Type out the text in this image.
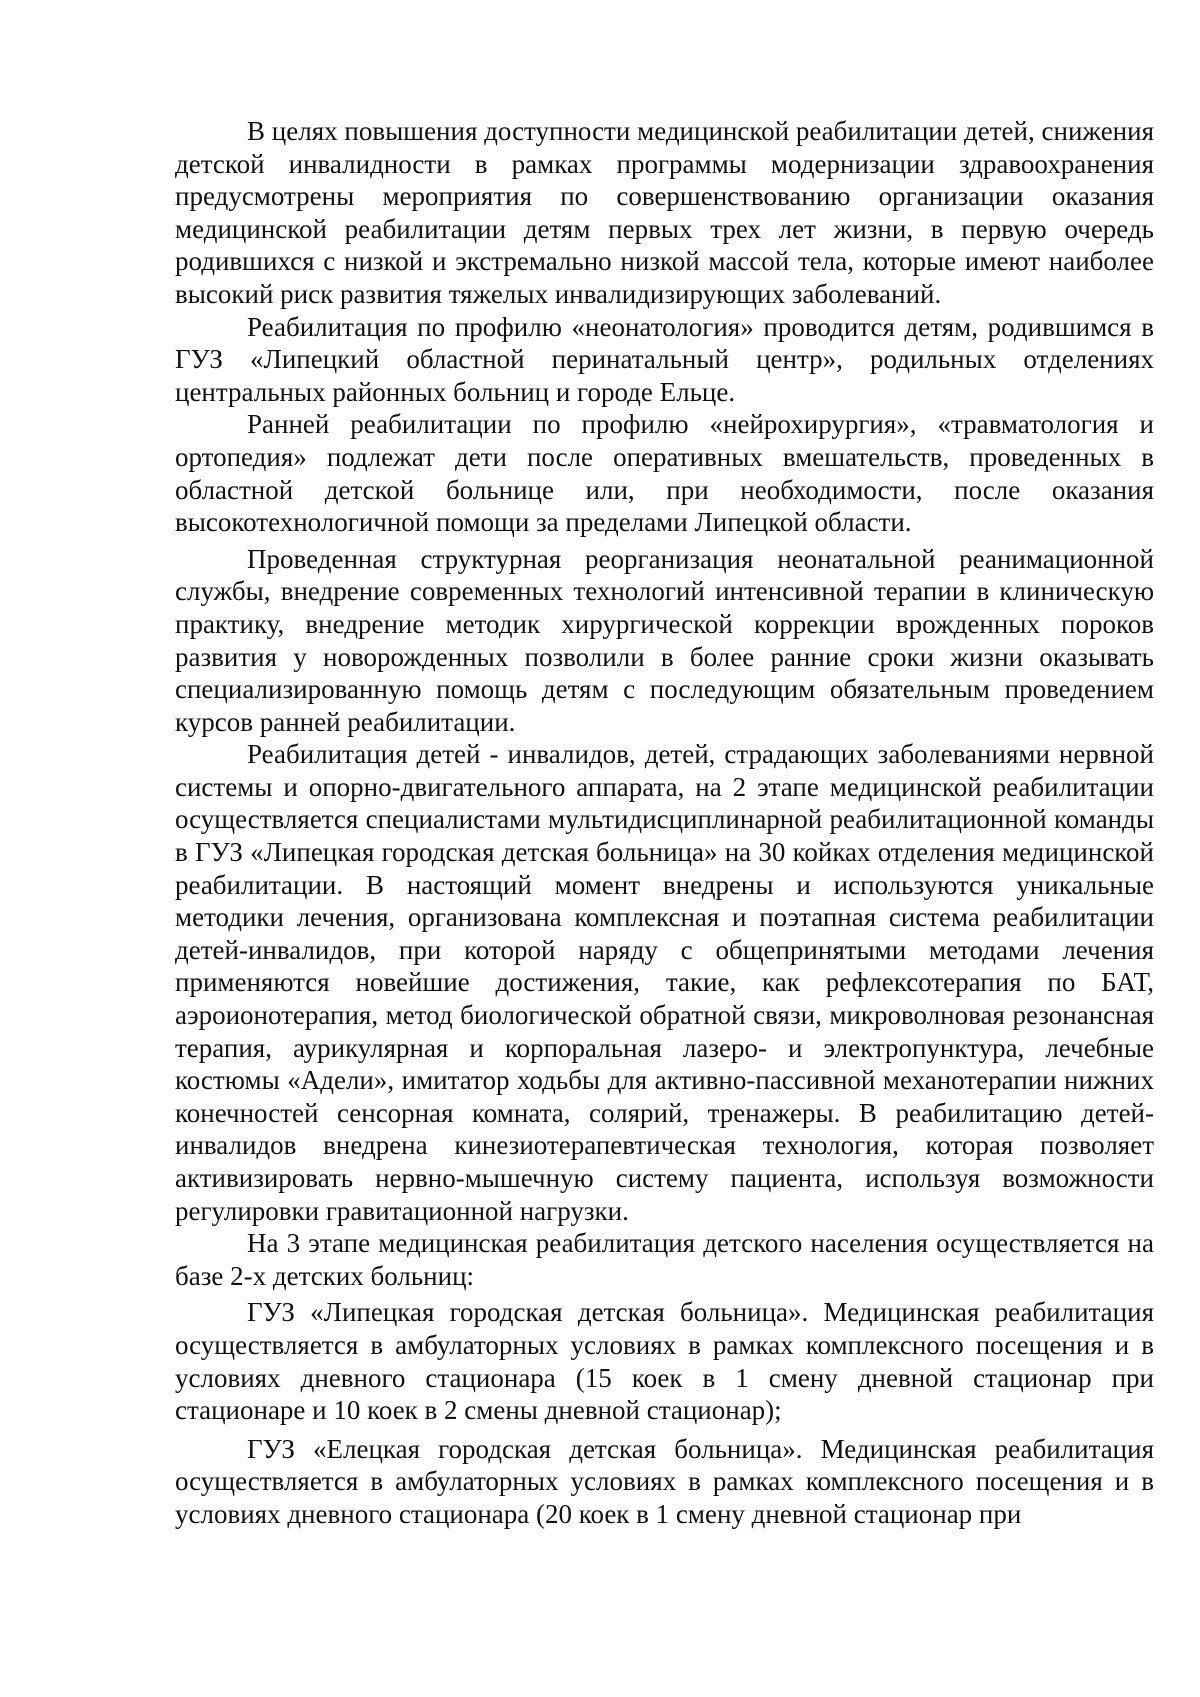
В целях повышения доступности медицинской реабилитации детей, снижения детской инвалидности в рамках программы модернизации здравоохранения предусмотрены мероприятия по совершенствованию организации оказания медицинской реабилитации детям первых трех лет жизни, в первую очередь родившихся с низкой и экстремально низкой массой тела, которые имеют наиболее высокий риск развития тяжелых инвалидизирующих заболеваний.

Реабилитация по профилю «неонатология» проводится детям, родившимся в ГУЗ «Липецкий областной перинатальный центр», родильных отделениях центральных районных больниц и городе Ельце.

Ранней реабилитации по профилю «нейрохирургия», «травматология и ортопедия» подлежат дети после оперативных вмешательств, проведенных в областной детской больнице или, при необходимости, после оказания высокотехнологичной помощи за пределами Липецкой области.

Проведенная структурная реорганизация неонатальной реанимационной службы, внедрение современных технологий интенсивной терапии в клиническую практику, внедрение методик хирургической коррекции врожденных пороков развития у новорожденных позволили в более ранние сроки жизни оказывать специализированную помощь детям с последующим обязательным проведением курсов ранней реабилитации.

Реабилитация детей - инвалидов, детей, страдающих заболеваниями нервной системы и опорно-двигательного аппарата, на 2 этапе медицинской реабилитации осуществляется специалистами мультидисциплинарной реабилитационной команды в ГУЗ «Липецкая городская детская больница» на 30 койках отделения медицинской реабилитации. В настоящий момент внедрены и используются уникальные методики лечения, организована комплексная и поэтапная система реабилитации детей-инвалидов, при которой наряду с общепринятыми методами лечения применяются новейшие достижения, такие, как рефлексотерапия по БАТ, аэроионотерапия, метод биологической обратной связи, микроволновая резонансная терапия, аурикулярная и корпоральная лазеро- и электропунктура, лечебные костюмы «Адели», имитатор ходьбы для активно-пассивной механотерапии нижних конечностей сенсорная комната, солярий, тренажеры. В реабилитацию детей-инвалидов внедрена кинезиотерапевтическая технология, которая позволяет активизировать нервно-мышечную систему пациента, используя возможности регулировки гравитационной нагрузки.

На 3 этапе медицинская реабилитация детского населения осуществляется на базе 2-х детских больниц:

ГУЗ «Липецкая городская детская больница». Медицинская реабилитация осуществляется в амбулаторных условиях в рамках комплексного посещения и в условиях дневного стационара (15 коек в 1 смену дневной стационар при стационаре и 10 коек в 2 смены дневной стационар);

ГУЗ «Елецкая городская детская больница». Медицинская реабилитация осуществляется в амбулаторных условиях в рамках комплексного посещения и в условиях дневного стационара (20 коек в 1 смену дневной стационар при
